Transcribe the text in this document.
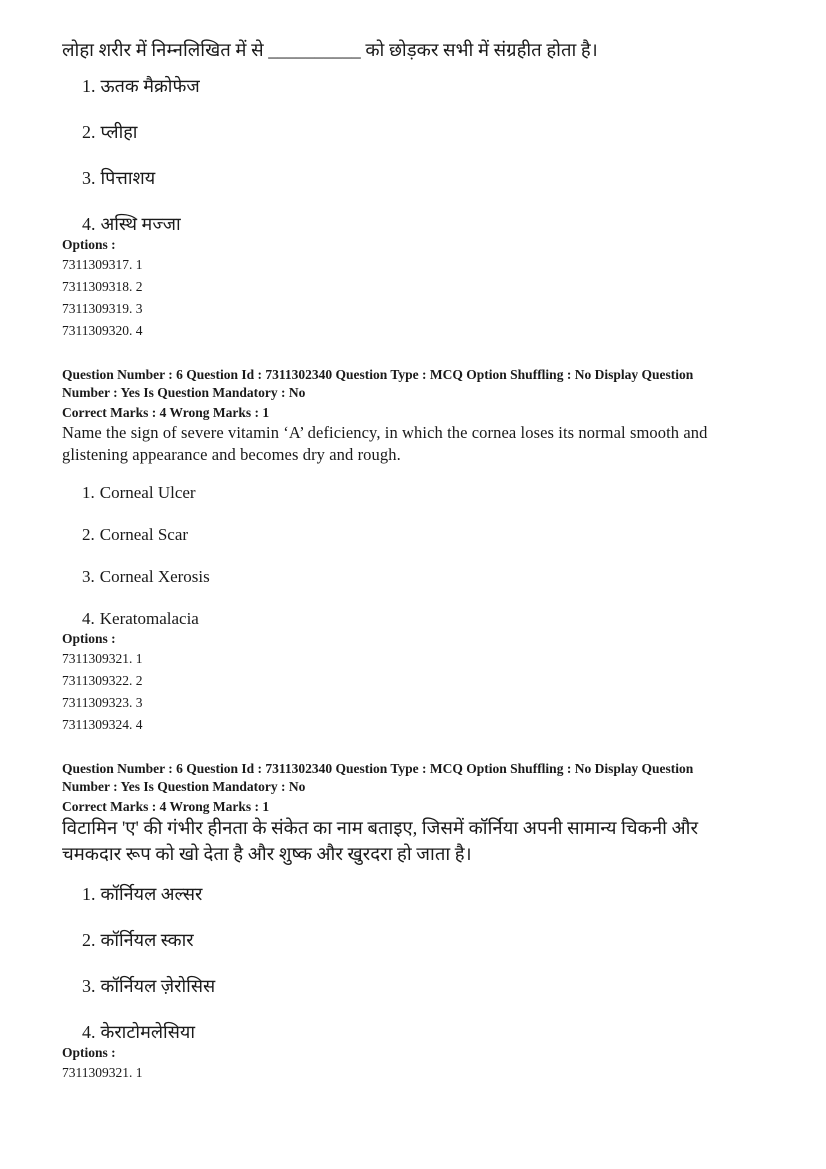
लोहा शरीर में निम्नलिखित में से __________ को छोड़कर सभी में संग्रहीत होता है।

1. ऊतक मैक्रोफेज

2. प्लीहा

3. पित्ताशय

4. अस्थि मज्जा

Options :

7311309317. 1

7311309318. 2

7311309319. 3

7311309320. 4

Question Number : 6 Question Id : 7311302340 Question Type : MCQ Option Shuffling : No Display Question

Number : Yes Is Question Mandatory : No

Correct Marks : 4 Wrong Marks : 1

Name the sign of severe vitamin ‘A’ deficiency, in which the cornea loses its normal smooth and

glistening appearance and becomes dry and rough.

1. Corneal Ulcer

2. Corneal Scar

3. Corneal Xerosis

4. Keratomalacia

Options :

7311309321. 1

7311309322. 2

7311309323. 3

7311309324. 4

Question Number : 6 Question Id : 7311302340 Question Type : MCQ Option Shuffling : No Display Question

Number : Yes Is Question Mandatory : No

Correct Marks : 4 Wrong Marks : 1

विटामिन 'ए' की गंभीर हीनता के संकेत का नाम बताइए, जिसमें कॉर्निया अपनी सामान्य चिकनी और

चमकदार रूप को खो देता है और शुष्क और खुरदरा हो जाता है।

1. कॉर्नियल अल्सर

2. कॉर्नियल स्कार

3. कॉर्नियल ज़ेरोसिस

4. केराटोमलेसिया

Options :

7311309321. 1
